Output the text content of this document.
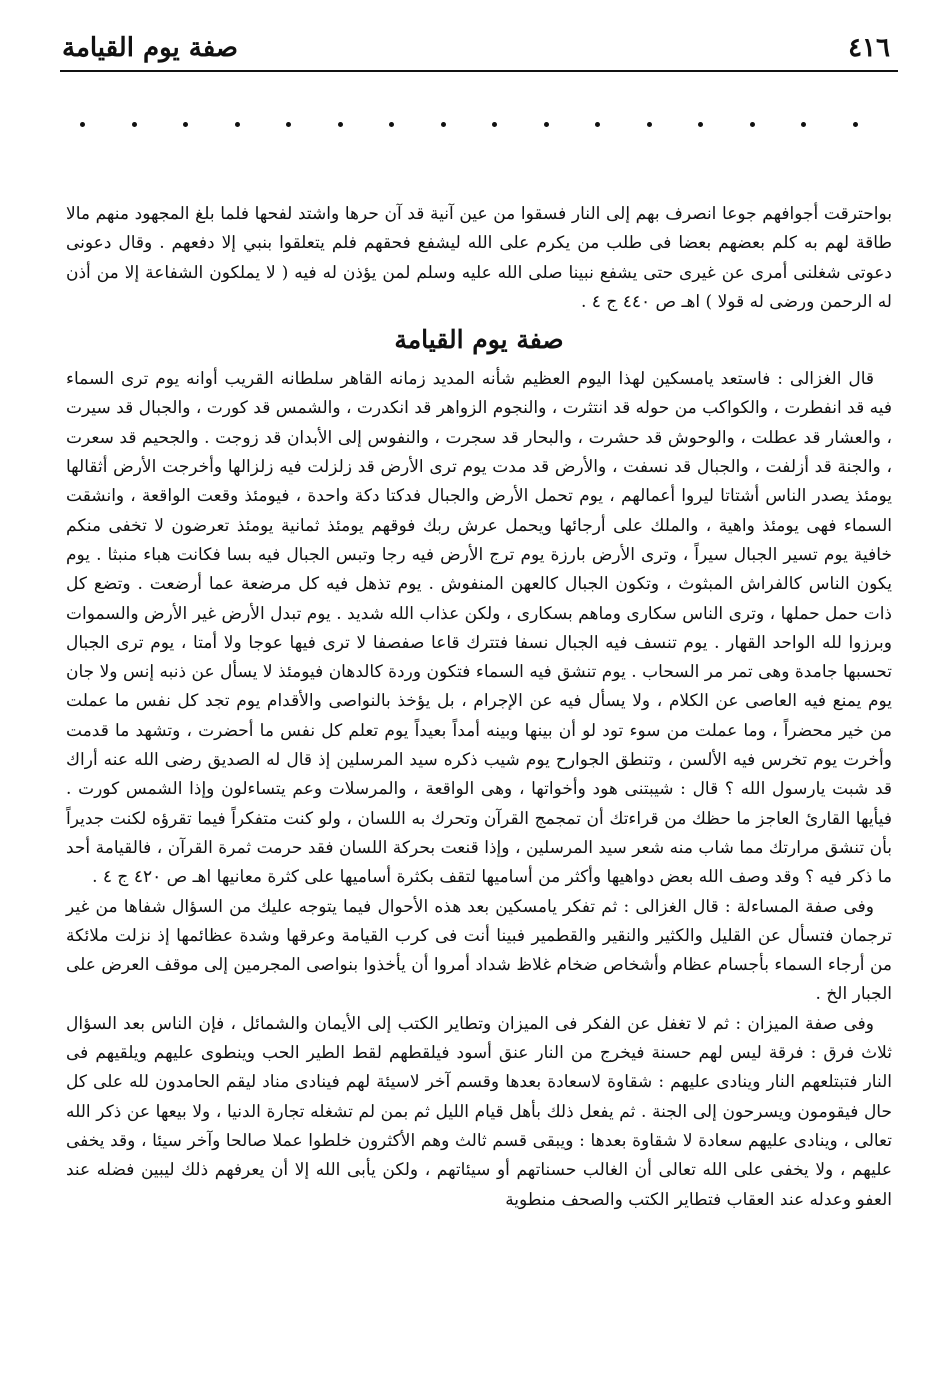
٤١٦
صفة يوم القيامة

بواحترقت أجوافهم جوعا انصرف بهم إلى النار فسقوا من عين آنية قد آن حرها واشتد لفحها فلما بلغ المجهود منهم مالا طاقة لهم به كلم بعضهم بعضا فى طلب من يكرم على الله لیشفع فحقهم فلم يتعلقوا بنبي إلا دفعهم . وقال دعونى دعوتى شغلنى أمرى عن غيرى حتى يشفع نبينا صلى الله عليه وسلم لمن يؤذن له فيه ( لا يملكون الشفاعة إلا من أذن له الرحمن ورضى له قولا ) اهـ ص ٤٤٠ ج ٤ .

صفة يوم القيامة

قال الغزالى : فاستعد يامسكين لهذا اليوم العظيم شأنه المديد زمانه القاهر سلطانه القريب أوانه يوم ترى السماء فيه قد انفطرت ، والكواكب من حوله قد انتثرت ، والنجوم الزواهر قد انكدرت ، والشمس قد كورت ، والجبال قد سيرت ، والعشار قد عطلت ، والوحوش قد حشرت ، والبحار قد سجرت ، والنفوس إلى الأبدان قد زوجت . والجحيم قد سعرت ، والجنة قد أزلفت ، والجبال قد نسفت ، والأرض قد مدت يوم ترى الأرض قد زلزلت فيه زلزالها وأخرجت الأرض أثقالها يومئذ يصدر الناس أشتاتا ليروا أعمالهم ، يوم تحمل الأرض والجبال فدكتا دكة واحدة ، فيومئذ وقعت الواقعة ، وانشقت السماء فهى يومئذ واهية ، والملك على أرجائها ويحمل عرش ربك فوقهم يومئذ ثمانية يومئذ تعرضون لا تخفى منكم خافية يوم تسير الجبال سيراً ، وترى الأرض بارزة يوم ترج الأرض فيه رجا وتبس الجبال فيه بسا فكانت هباء منبثا . يوم يكون الناس كالفراش المبثوث ، وتكون الجبال كالعهن المنفوش . يوم تذهل فيه كل مرضعة عما أرضعت . وتضع كل ذات حمل حملها ، وترى الناس سكارى وماهم بسكارى ، ولكن عذاب الله شديد . يوم تبدل الأرض غير الأرض والسموات وبرزوا لله الواحد القهار . يوم تنسف فيه الجبال نسفا فتترك قاعا صفصفا لا ترى فيها عوجا ولا أمتا ، يوم ترى الجبال تحسبها جامدة وهى تمر مر السحاب . يوم تنشق فيه السماء فتكون وردة كالدهان فيومئذ لا يسأل عن ذنبه إنس ولا جان يوم يمنع فيه العاصى عن الكلام ، ولا يسأل فيه عن الإجرام ، بل يؤخذ بالنواصى والأقدام يوم تجد كل نفس ما عملت من خير محضراً ، وما عملت من سوء تود لو أن بينها وبينه أمداً بعيداً يوم تعلم كل نفس ما أحضرت ، وتشهد ما قدمت وأخرت يوم تخرس فيه الألسن ، وتنطق الجوارح يوم شيب ذكره سيد المرسلين إذ قال له الصديق رضى الله عنه أراك قد شبت يارسول الله ؟ قال : شيبتنى هود وأخواتها ، وهى الواقعة ، والمرسلات وعم يتساءلون وإذا الشمس كورت . فيأيها القارئ العاجز ما حظك من قراءتك أن تمجمج القرآن وتحرك به اللسان ، ولو كنت متفكراً فيما تقرؤه لكنت جديراً بأن تنشق مرارتك مما شاب منه شعر سيد المرسلين ، وإذا قنعت بحركة اللسان فقد حرمت ثمرة القرآن ، فالقيامة أحد ما ذكر فيه ؟ وقد وصف الله بعض دواهيها وأكثر من أساميها لتقف بكثرة أساميها على كثرة معانيها اهـ ص ٤٢٠ ج ٤ .

وفى صفة المساءلة : قال الغزالى : ثم تفكر يامسكين بعد هذه الأحوال فيما يتوجه عليك من السؤال شفاها من غير ترجمان فتسأل عن القليل والكثير والنقير والقطمير فبينا أنت فى كرب القيامة وعرقها وشدة عظائمها إذ نزلت ملائكة من أرجاء السماء بأجسام عظام وأشخاص ضخام غلاظ شداد أمروا أن يأخذوا بنواصى المجرمين إلى موقف العرض على الجبار الخ .

وفى صفة الميزان : ثم لا تغفل عن الفكر فى الميزان وتطاير الكتب إلى الأيمان والشمائل ، فإن الناس بعد السؤال ثلاث فرق : فرقة ليس لهم حسنة فيخرج من النار عنق أسود فيلقطهم لقط الطير الحب وينطوى عليهم ويلقيهم فى النار فتبتلعهم النار وينادى عليهم : شقاوة لاسعادة بعدها وقسم آخر لاسيئة لهم فينادى مناد ليقم الحامدون لله على كل حال فيقومون ويسرحون إلى الجنة . ثم يفعل ذلك بأهل قيام الليل ثم بمن لم تشغله تجارة الدنيا ، ولا بيعها عن ذكر الله تعالى ، وينادى عليهم سعادة لا شقاوة بعدها : ويبقى قسم ثالث وهم الأكثرون خلطوا عملا صالحا وآخر سيئا ، وقد يخفى عليهم ، ولا يخفى على الله تعالى أن الغالب حسناتهم أو سيئاتهم ، ولكن يأبى الله إلا أن يعرفهم ذلك ليبين فضله عند العفو وعدله عند العقاب فتطاير الكتب والصحف منطوية
